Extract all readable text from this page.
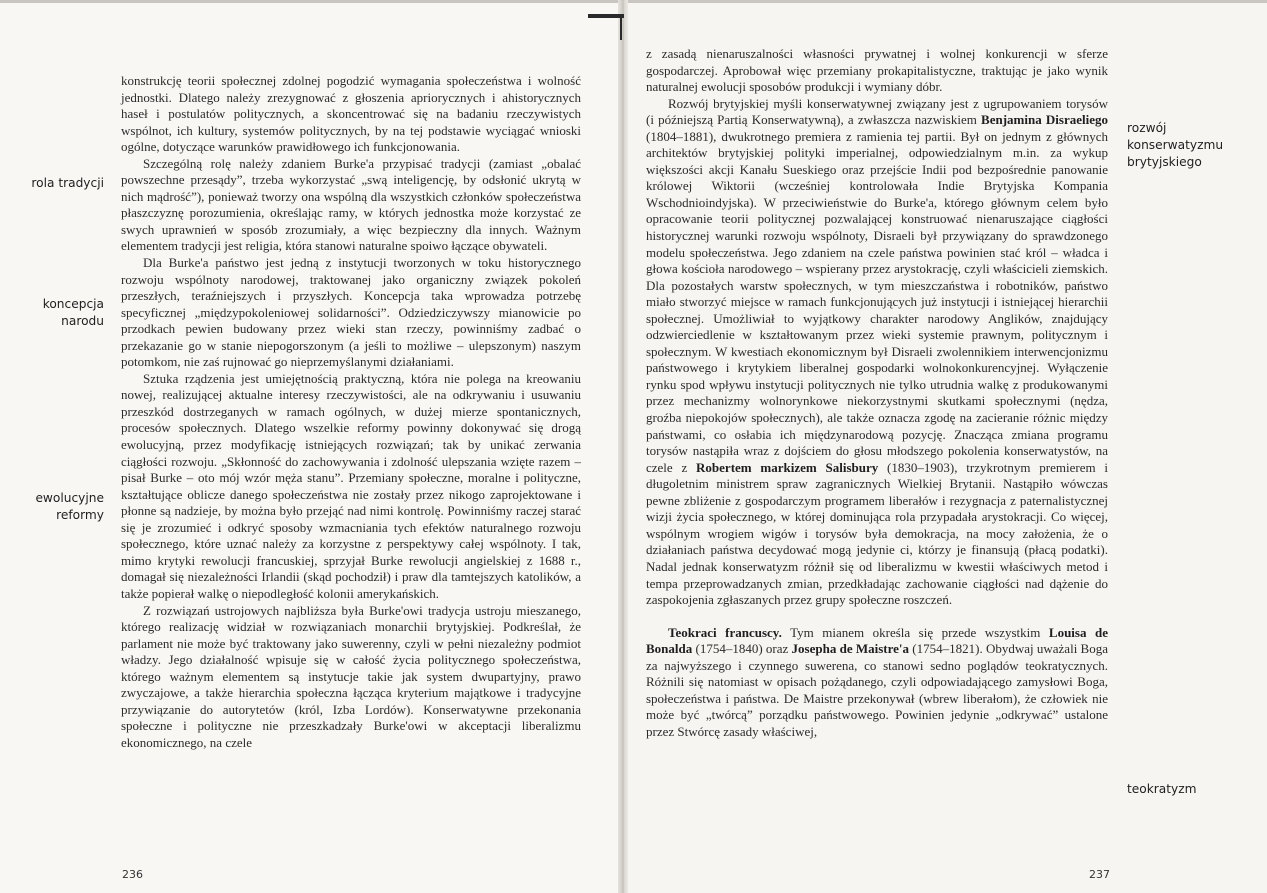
rola tradycji
koncepcja narodu
ewolucyjne reformy

konstrukcję teorii społecznej zdolnej pogodzić wymagania społeczeństwa i wolność jednostki. Dlatego należy zrezygnować z głoszenia apriorycznych i ahistorycznych haseł i postulatów politycznych, a skoncentrować się na badaniu rzeczywistych wspólnot, ich kultury, systemów politycznych, by na tej podstawie wyciągać wnioski ogólne, dotyczące warunków prawidłowego ich funkcjonowania.

Szczególną rolę należy zdaniem Burke'a przypisać tradycji (zamiast „obalać powszechne przesądy”, trzeba wykorzystać „swą inteligencję, by odsłonić ukrytą w nich mądrość”), ponieważ tworzy ona wspólną dla wszystkich członków społeczeństwa płaszczyznę porozumienia, określając ramy, w których jednostka może korzystać ze swych uprawnień w sposób zrozumiały, a więc bezpieczny dla innych. Ważnym elementem tradycji jest religia, która stanowi naturalne spoiwo łączące obywateli.

Dla Burke'a państwo jest jedną z instytucji tworzonych w toku historycznego rozwoju wspólnoty narodowej, traktowanej jako organiczny związek pokoleń przeszłych, teraźniejszych i przyszłych. Koncepcja taka wprowadza potrzebę specyficznej „międzypokoleniowej solidarności”. Odziedziczywszy mianowicie po przodkach pewien budowany przez wieki stan rzeczy, powinniśmy zadbać o przekazanie go w stanie niepogorszonym (a jeśli to możliwe – ulepszonym) naszym potomkom, nie zaś rujnować go nieprzemyślanymi działaniami.

Sztuka rządzenia jest umiejętnością praktyczną, która nie polega na kreowaniu nowej, realizującej aktualne interesy rzeczywistości, ale na odkrywaniu i usuwaniu przeszkód dostrzeganych w ramach ogólnych, w dużej mierze spontanicznych, procesów społecznych. Dlatego wszelkie reformy powinny dokonywać się drogą ewolucyjną, przez modyfikację istniejących rozwiązań; tak by unikać zerwania ciągłości rozwoju. „Skłonność do zachowywania i zdolność ulepszania wzięte razem – pisał Burke – oto mój wzór męża stanu”. Przemiany społeczne, moralne i polityczne, kształtujące oblicze danego społeczeństwa nie zostały przez nikogo zaprojektowane i płonne są nadzieje, by można było przejąć nad nimi kontrolę. Powinniśmy raczej starać się je zrozumieć i odkryć sposoby wzmacniania tych efektów naturalnego rozwoju społecznego, które uznać należy za korzystne z perspektywy całej wspólnoty. I tak, mimo krytyki rewolucji francuskiej, sprzyjał Burke rewolucji angielskiej z 1688 r., domagał się niezależności Irlandii (skąd pochodził) i praw dla tamtejszych katolików, a także popierał walkę o niepodległość kolonii amerykańskich.

Z rozwiązań ustrojowych najbliższa była Burke'owi tradycja ustroju mieszanego, którego realizację widział w rozwiązaniach monarchii brytyjskiej. Podkreślał, że parlament nie może być traktowany jako suwerenny, czyli w pełni niezależny podmiot władzy. Jego działalność wpisuje się w całość życia politycznego społeczeństwa, którego ważnym elementem są instytucje takie jak system dwupartyjny, prawo zwyczajowe, a także hierarchia społeczna łącząca kryterium majątkowe i tradycyjne przywiązanie do autorytetów (król, Izba Lordów). Konserwatywne przekonania społeczne i polityczne nie przeszkadzały Burke'owi w akceptacji liberalizmu ekonomicznego, na czele

236
rozwój konserwatyzmu brytyjskiego
teokratyzm

z zasadą nienaruszalności własności prywatnej i wolnej konkurencji w sferze gospodarczej. Aprobował więc przemiany prokapitalistyczne, traktując je jako wynik naturalnej ewolucji sposobów produkcji i wymiany dóbr.

Rozwój brytyjskiej myśli konserwatywnej związany jest z ugrupowaniem torysów (i późniejszą Partią Konserwatywną), a zwłaszcza nazwiskiem Benjamina Disraeliego (1804–1881), dwukrotnego premiera z ramienia tej partii. Był on jednym z głównych architektów brytyjskiej polityki imperialnej, odpowiedzialnym m.in. za wykup większości akcji Kanału Sueskiego oraz przejście Indii pod bezpośrednie panowanie królowej Wiktorii (wcześniej kontrolowała Indie Brytyjska Kompania Wschodnioindyjska). W przeciwieństwie do Burke'a, którego głównym celem było opracowanie teorii politycznej pozwalającej konstruować nienaruszające ciągłości historycznej warunki rozwoju wspólnoty, Disraeli był przywiązany do sprawdzonego modelu społeczeństwa. Jego zdaniem na czele państwa powinien stać król – władca i głowa kościoła narodowego – wspierany przez arystokrację, czyli właścicieli ziemskich. Dla pozostałych warstw społecznych, w tym mieszczaństwa i robotników, państwo miało stworzyć miejsce w ramach funkcjonujących już instytucji i istniejącej hierarchii społecznej. Umożliwiał to wyjątkowy charakter narodowy Anglików, znajdujący odzwierciedlenie w kształtowanym przez wieki systemie prawnym, politycznym i społecznym. W kwestiach ekonomicznym był Disraeli zwolennikiem interwencjonizmu państwowego i krytykiem liberalnej gospodarki wolnokonkurencyjnej. Wyłączenie rynku spod wpływu instytucji politycznych nie tylko utrudnia walkę z produkowanymi przez mechanizmy wolnorynkowe niekorzystnymi skutkami społecznymi (nędza, groźba niepokojów społecznych), ale także oznacza zgodę na zacieranie różnic między państwami, co osłabia ich międzynarodową pozycję. Znacząca zmiana programu torysów nastąpiła wraz z dojściem do głosu młodszego pokolenia konserwatystów, na czele z Robertem markizem Salisbury (1830–1903), trzykrotnym premierem i długoletnim ministrem spraw zagranicznych Wielkiej Brytanii. Nastąpiło wówczas pewne zbliżenie z gospodarczym programem liberałów i rezygnacja z paternalistycznej wizji życia społecznego, w której dominująca rola przypadała arystokracji. Co więcej, wspólnym wrogiem wigów i torysów była demokracja, na mocy założenia, że o działaniach państwa decydować mogą jedynie ci, którzy je finansują (płacą podatki). Nadal jednak konserwatyzm różnił się od liberalizmu w kwestii właściwych metod i tempa przeprowadzanych zmian, przedkładając zachowanie ciągłości nad dążenie do zaspokojenia zgłaszanych przez grupy społeczne roszczeń.

Teokraci francuscy. Tym mianem określa się przede wszystkim Louisa de Bonalda (1754–1840) oraz Josepha de Maistre'a (1754–1821). Obydwaj uważali Boga za najwyższego i czynnego suwerena, co stanowi sedno poglądów teokratycznych. Różnili się natomiast w opisach pożądanego, czyli odpowiadającego zamysłowi Boga, społeczeństwa i państwa. De Maistre przekonywał (wbrew liberałom), że człowiek nie może być „twórcą” porządku państwowego. Powinien jedynie „odkrywać” ustalone przez Stwórcę zasady właściwej,

237
